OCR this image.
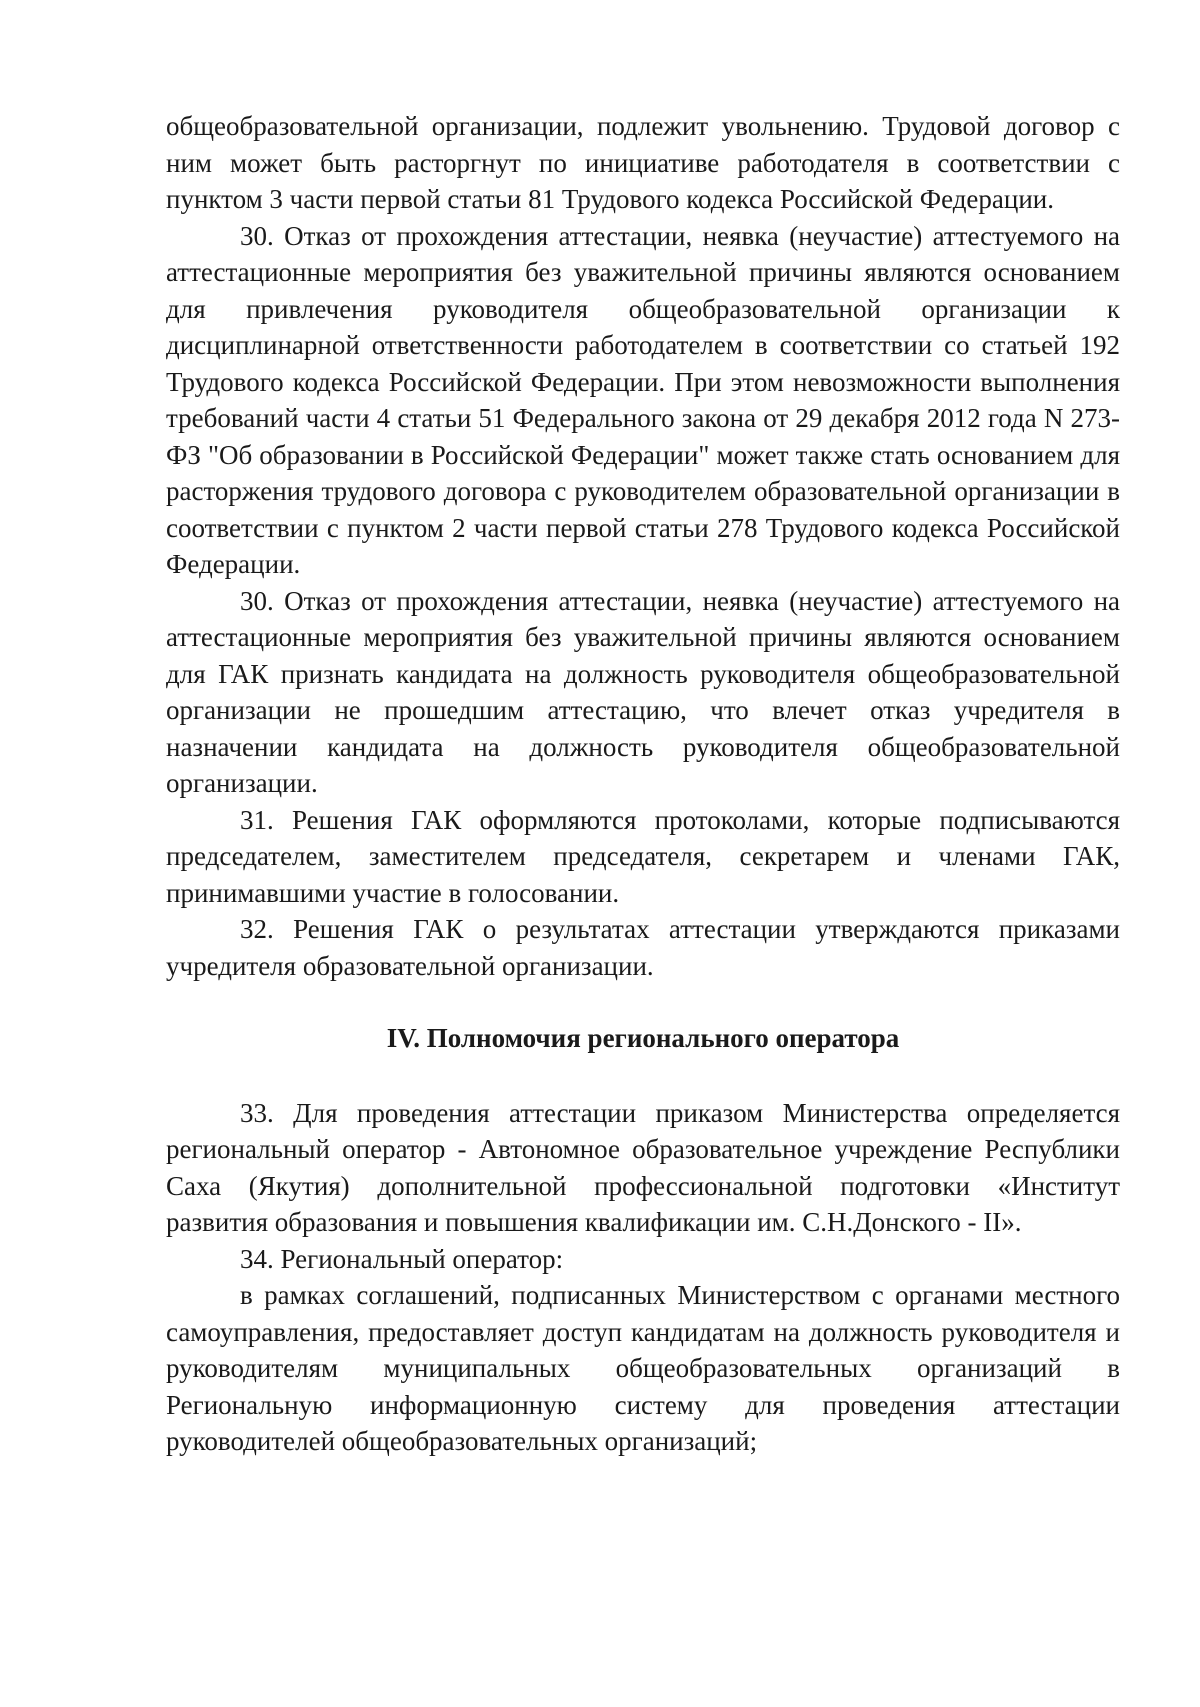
общеобразовательной организации, подлежит увольнению. Трудовой договор с ним может быть расторгнут по инициативе работодателя в соответствии с пунктом 3 части первой статьи 81 Трудового кодекса Российской Федерации.

30. Отказ от прохождения аттестации, неявка (неучастие) аттестуемого на аттестационные мероприятия без уважительной причины являются основанием для привлечения руководителя общеобразовательной организации к дисциплинарной ответственности работодателем в соответствии со статьей 192 Трудового кодекса Российской Федерации. При этом невозможности выполнения требований части 4 статьи 51 Федерального закона от 29 декабря 2012 года N 273-ФЗ "Об образовании в Российской Федерации" может также стать основанием для расторжения трудового договора с руководителем образовательной организации в соответствии с пунктом 2 части первой статьи 278 Трудового кодекса Российской Федерации.

30. Отказ от прохождения аттестации, неявка (неучастие) аттестуемого на аттестационные мероприятия без уважительной причины являются основанием для ГАК признать кандидата на должность руководителя общеобразовательной организации не прошедшим аттестацию, что влечет отказ учредителя в назначении кандидата на должность руководителя общеобразовательной организации.

31. Решения ГАК оформляются протоколами, которые подписываются председателем, заместителем председателя, секретарем и членами ГАК, принимавшими участие в голосовании.

32. Решения ГАК о результатах аттестации утверждаются приказами учредителя образовательной организации.

IV. Полномочия регионального оператора

33. Для проведения аттестации приказом Министерства определяется региональный оператор - Автономное образовательное учреждение Республики Саха (Якутия) дополнительной профессиональной подготовки «Институт развития образования и повышения квалификации им. С.Н.Донского - II».

34. Региональный оператор:

в рамках соглашений, подписанных Министерством с органами местного самоуправления, предоставляет доступ кандидатам на должность руководителя и руководителям муниципальных общеобразовательных организаций в Региональную информационную систему для проведения аттестации руководителей общеобразовательных организаций;
